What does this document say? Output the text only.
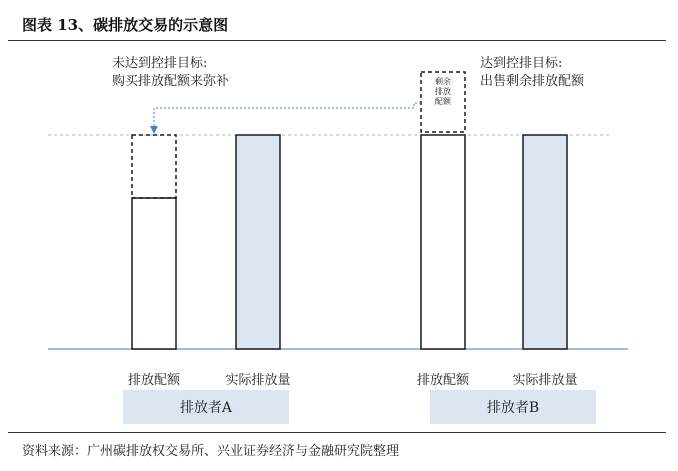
图表 13、碳排放交易的示意图
未达到控排目标:
购买排放配额来弥补
达到控排目标:
出售剩余排放配额
剩余
排放
配额
排放配额	实际排放量	排放配额	实际排放量
排放者A	排放者B
资料来源：广州碳排放权交易所、兴业证券经济与金融研究院整理
